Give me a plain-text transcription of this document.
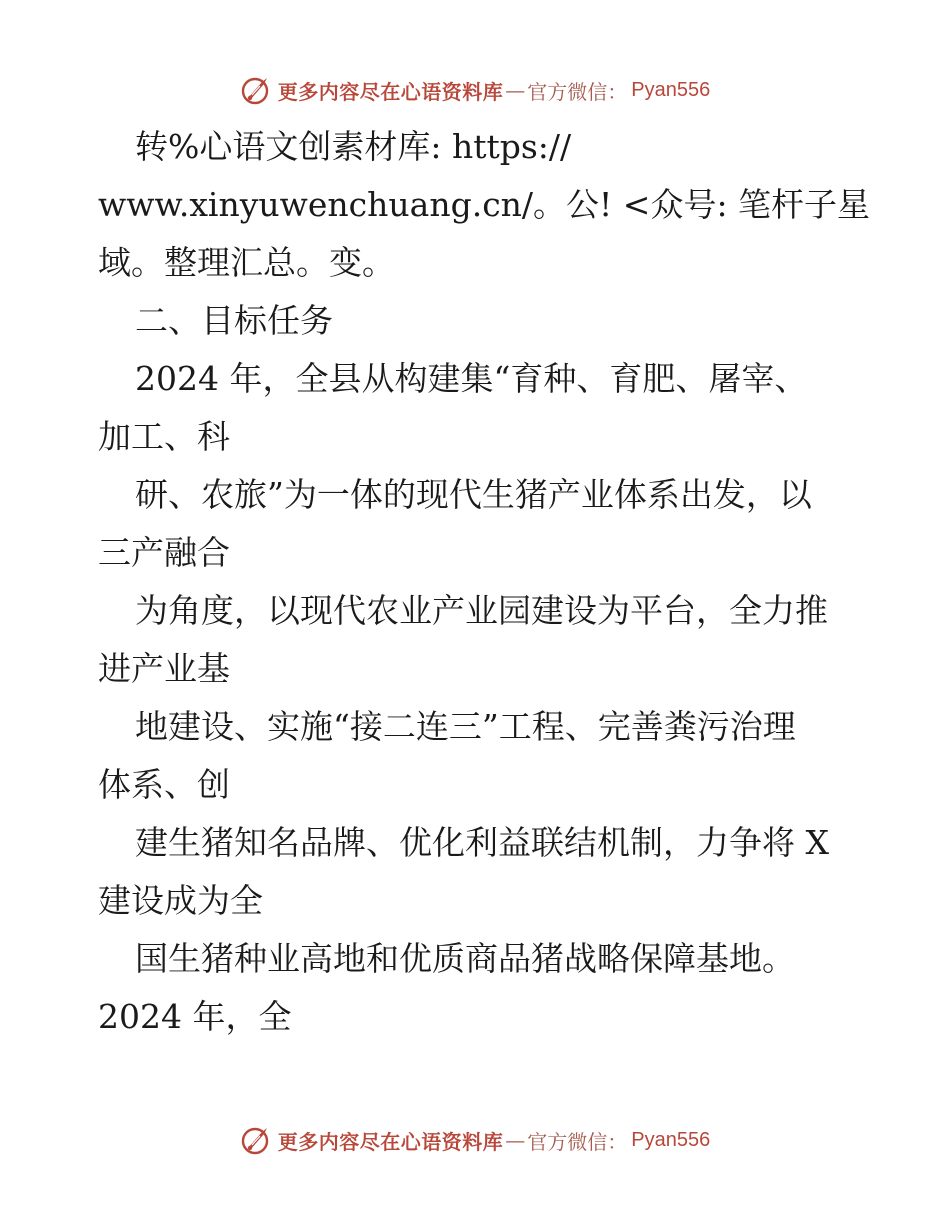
更多内容尽在心语资料库 — 官方微信： Pyan556
转%心语文创素材库: https://
www.xinyuwenchuang.cn/。公! <众号: 笔杆子星
域。整理汇总。变。
二、目标任务
2024 年，全县从构建集“育种、育肥、屠宰、
加工、科
研、农旅”为一体的现代生猪产业体系出发，以
三产融合
为角度，以现代农业产业园建设为平台，全力推
进产业基
地建设、实施“接二连三”工程、完善粪污治理
体系、创
建生猪知名品牌、优化利益联结机制，力争将 X
建设成为全
国生猪种业高地和优质商品猪战略保障基地。
2024 年，全
更多内容尽在心语资料库 — 官方微信： Pyan556
